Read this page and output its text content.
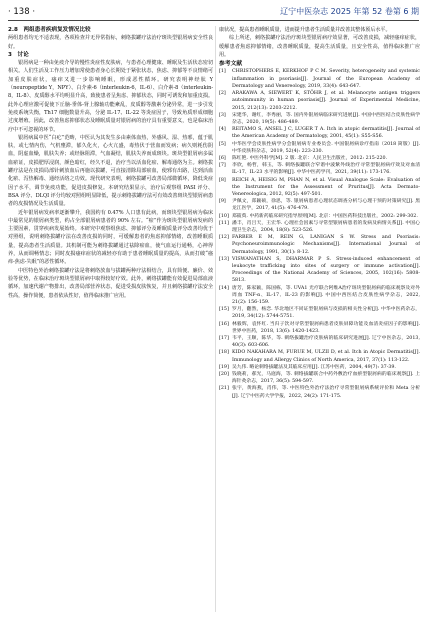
· 138 ·	辽宁中医杂志 2025 年第 52 卷第 6 期

2.8　两组患者疾病复发情况比较

两组患者均无不适表现，各项检查并无异常指标，刺络拔罐疗法治疗斑块型银屑病安全性良好。

3　讨论

银屑病是一种由免疫介导的慢性炎症性皮肤病，与患者心理健康、睡眠及生活状态密切相关。人们生活及工作压力增加常使患者身心长期处于紧张状态，焦虑、抑郁等不良情绪可加重皮肤症状，瘙痒又进一步影响睡眠，形成恶性循环。研究表明神经肽 Y（neuropeptide Y，NPY）、白介素-6（interleukin-6，IL-6）、白介素-8（interleukin-8，IL-8）、皮质醇水平均明显升高，致使患者呈焦虑、抑郁状态，同时可诱发和加重皮损。此外心理应激可促使下丘脑-垂体-肾上腺轴功能紊乱，皮质醇等激素分泌异常，进一步引发免疫系统失衡，Th17 细胞数量升高，分泌 IL-17、IL-22 等炎症因子，导致角质形成细胞过度增殖。因此，改善焦虑抑郁状态及睡眠质量对银屑病的治疗具有重要意义，也是临床治疗中不可忽视的环节。

银屑病属中医“白疕”范畴，中医认为其发生多由素体血热，外感风、湿、热邪，蕴于肌肤，或七情内伤，气机壅滞，郁久化火，心火亢盛，毒热伏于营血而发病；病久则耗伤阴血，阴虚血燥，肌肤失养；或经脉阻滞，气血凝结，肌肤失养而成斑块。斑块型银屑病多属血瘀证，皮损肥厚浸润，颜色暗红，经久不退，治疗当以活血化瘀、解毒通络为主。刺络拔罐疗法是在皮损局部针刺放血后再施以拔罐，可直接清除局部瘀血，使邪有出路，达到活血化瘀、泻热解毒、通经活络之功效。现代研究表明，刺络拔罐可改善局部微循环，降低炎症因子水平，调节免疫功能，促进皮损修复。本研究结果显示，治疗后观察组 PASI 评分、BSA 评分、DLQI 评分均较对照组明显降低，提示刺络拔罐疗法可有效改善斑块型银屑病患者的皮损情况及生活质量。

近年银屑病发病率逐渐攀升，我国约有 0.47% 人口患有此病，而斑块型银屑病为临床中最常见的银屑病类型，约占全部银屑病患者的 90% 左右。“瘀”作为斑块型银屑病发病的主要因素，贯穿疾病发展始终。本研究中观察组焦虑、抑郁评分及睡眠质量评分改善均优于对照组，说明刺络拔罐疗法在改善皮损的同时，可缓解患者的焦虑抑郁情绪，改善睡眠质量，提高患者生活质量。其机制可能为刺络拔罐通过祛除瘀血，使气血运行通畅，心神得养，从而调畅情志；同时皮损瘙痒症状的减轻亦有助于患者睡眠质量的提高，从而打破“瘙痒-焦虑-失眠”的恶性循环。

中医特色外治刺络拔罐疗法是将刺络放血与拔罐两种疗法相结合，具有简便、廉价、效验等优势，在临床治疗斑块型银屑病中取得较好疗效。此外，刺络拔罐能有效促进局部血液循环，加速代谢产物排出，改善局部营养状态，促进受损皮肤恢复，并且刺络拔罐疗法安全性高，操作简便，患者依从性好，值得临床推广应用。

康状况，提高患者睡眠质量，进而提升患者生活质量并改善其整体预后水平。

综上所述，刺络拔罐疗法治疗斑块型银屑病疗效显著，可改善皮损，减轻瘙痒症状，缓解患者焦虑抑郁情绪，改善睡眠质量，提高生活质量，且安全性高，值得临床推广应用。

参考文献

[1]	CHRISTOPHERS E, KERKHOF P C M. Severity, heterogeneity and systemic inflammation in psoriasis[J]. Journal of the European Academy of Dermatology and Venereology, 2019, 33(4): 643-647.
[2]	ARAKAWA A, SIEWERT K, STÖHR J, et al. Melanocyte antigen triggers autoimmunity in human psoriasis[J]. Journal of Experimental Medicine, 2015, 212(13): 2203-2212.
[3]	宋建华，谢红，李秀丽，等. 国内外银屑病临床研究进展[J]. 中国中西医结合皮肤性病学杂志，2020, 19(5): 486-489.
[4]	REITAMO S, ANSEL J C, LUGER T A. Itch in atopic dermatitis[J]. Journal of the American Academy of Dermatology, 2001, 45(1): S55-S56.
[5]	中华医学会皮肤性病学分会银屑病专业委员会. 中国银屑病诊疗指南（2018 简版）[J]. 中华皮肤科杂志，2019, 52(4): 223-230.
[6]	陈红艳. 中医外科学[M]. 2 版. 北京：人民卫生出版社，2012: 215-220.
[7]	李欣，杨哲，韩玉，等. 刺络拔罐联合窄谱中波紫外线治疗寻常型银屑病疗效及对血清 IL-17、IL-23 水平的影响[J]. 中华中医药学刊，2021, 39(11): 173-176.
[8]	REICH A, HEISIG M, PHAN N, et al. Visual Analogue Scale: Evaluation of the Instrument for the Assessment of Pruritus[J]. Acta Dermato-Venereologica, 2012, 92(5): 497-501.
[9]	尹佩文，郑颖硕，徐思，等. 银屑病患者心理状态调查分析与心理干预的对策研究[J]. 黑龙江医学，2017, 41(5): 476-479.
[10] 郑筱萸. 中药新药临床研究指导原则[M]. 北京：中国医药科技出版社，2002: 299-302.
[11] 潘丰，肖吕天，王宏华. 心理社会因素与寻常型银屑病患者的发病及病情关系[J]. 中国心理卫生杂志，2004, 18(8): 523-526.
[12] FARBER E M, REIN G, LANIGAN S W. Stress and Psoriasis: Psychoneuroimmunologic Mechanisms[J]. International Journal of Dermatology, 1991, 30(1): 8-12.
[13] VISWANATHAN S, DHARMAR P S. Stress-induced enhancement of leukocyte trafficking into sites of surgery or immune activation[J]. Proceedings of the National Academy of Sciences, 2005, 102(16): 5808-5813.
[14] 唐芳，陈家颖，陈国栋，等. UVA1 光疗联合阿维A治疗斑块型银屑病的临床观察及对外周血 TNF-α、IL-17、IL-23 的影响[J]. 中国中西医结合皮肤性病学杂志，2022, 21(2): 156-159.
[15] 罗月，翻然，杨恋. 华北地区不同证型银屑病与皮损的相关性分析[J]. 中华中医药杂志，2019, 34(12): 5744-5751.
[16] 林毅辉，袁怀红. 当归子饮对寻常型银屑病患者皮肤屏障功能及血清炎症因子的影响[J]. 世界中医药，2018, 13(6): 1420-1423.
[17] 韦平，王顺，陈华，等. 刺络拔罐治疗皮肤病的临床研究进展[J]. 辽宁中医杂志，2013, 40(3): 603-606.
[18] KIDO NAKAHARA M, FURUE M, ULZII D, et al. Itch in Atopic Dermatitis[J]. Immunology and Allergy Clinics of North America, 2017, 37(1): 113-122.
[19] 吴九伟. 略论刺络拔罐法及其临床应用[J]. 江苏中医药，2004, 49(7): 37-39.
[20] 钱晓莉，郝光，马庭海，等. 刺络拔罐联合中药外敷治疗血瘀型银屑病的临床观察[J]. 上海针灸杂志，2017, 36(5): 594-597.
[21] 张宇，黄海燕，肖伟，等. 中医特色外治疗法治疗寻常型银屑病系统评价和 Meta 分析[J]. 辽宁中医药大学学报，2022, 24(2): 171-175.
